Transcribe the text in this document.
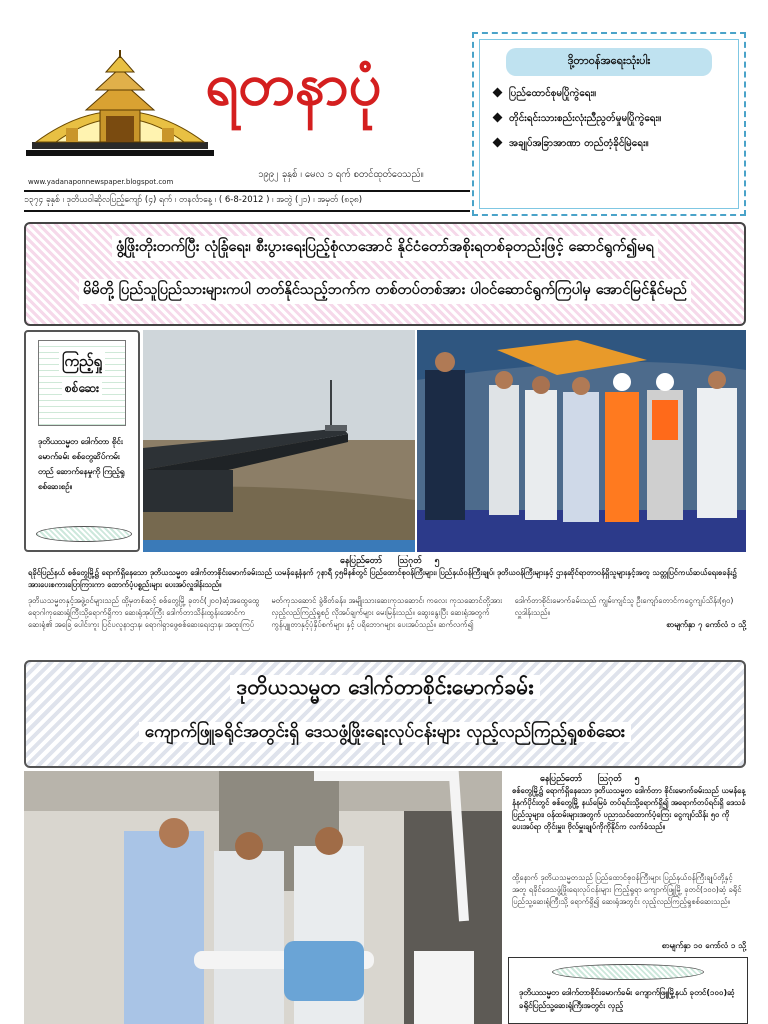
www.yadanaponnewspaper.blogspot.com
ရတနာပုံ
၁၉၉၂ ခုနှစ် ၊ မေလ ၁ ရက် စတင်ထုတ်ဝေသည်။
၁၃၇၄ ခုနှစ် ၊ ဒုတိယဝါဆိုလပြည့်ကျော် (၄) ရက် ၊ တနင်္လာနေ့ ၊ ( 6-8-2012 ) ၊ အတွဲ (၂၁) ၊ အမှတ် (၈၃၈)
ဒို့တာဝန်အရေးသုံးပါး
ပြည်ထောင်စုမပြိုကွဲရေး။
တိုင်းရင်းသားစည်းလုံးညီညွတ်မှုမပြိုကွဲရေး။
အချုပ်အခြာအာဏာ တည်တံ့ခိုင်မြဲရေး။
ဖွံ့ဖြိုးတိုးတက်ပြီး လုံခြုံရေး၊ စီးပွားရေးပြည့်စုံလာအောင် နိုင်ငံတော်အစိုးရတစ်ခုတည်းဖြင့် ဆောင်ရွက်၍မရ
မိမိတို့ ပြည်သူပြည်သားများကပါ တတ်နိုင်သည့်ဘက်က တစ်တပ်တစ်အား ပါဝင်ဆောင်ရွက်ကြပါမှ အောင်မြင်နိုင်မည်
ကြည့်ရှု
စစ်ဆေး
ဒုတိယသမ္မတ ဒေါက်တာ စိုင်းမောက်ခမ်း စစ်တွေဆိပ်ကမ်း တည် ဆောက်နေမှုကို ကြည့်ရှု စစ်ဆေးစဉ်။
နေပြည်တော်     ဩဂုတ်    ၅
ရခိုင်ပြည်နယ် စစ်တွေမြို့၌ ရောက်ရှိနေသော ဒုတိယသမ္မတ ဒေါက်တာစိုင်းမောက်ခမ်းသည် ယမန်နေ့နံနက် ၇နာရီ ၄၅မိနစ်တွင် ပြည်ထောင်စုဝန်ကြီးများ၊ ပြည်နယ်ဝန်ကြီးချုပ်၊ ဒုတိယဝန်ကြီးများနှင့် ဌာနဆိုင်ရာတာဝန်ရှိသူများနှင့်အတူ သတ္တုပြင်ကယ်ဆယ်ရေးစခန်း၌ အားပေးစကားပြောကြားကာ ထောက်ပံ့ပစ္စည်းများ ပေးအပ်လှူဒါန်းသည်။
ဒုတိယသမ္မတနှင့်အဖွဲ့ဝင်များသည် ထို့မှတစ်ဆင့် စစ်တွေမြို့ ခုတင်(၂၀၀)ဆံ့အထွေထွေရောဂါကုဆေးရုံကြီးသို့ရောက်ရှိကာ ဆေးရုံအုပ်ကြီး ဒေါက်တာသိန်းထွန်းအောင်က ဆေးရုံ၏ အခြေ ပေါင်းကူး ပြင်ပလူနာဌာန၊ ရောဂါရှာဖွေစစ်ဆေးရေးဌာန၊ အထူးကြပ် မတ်ကုသဆောင် ခွဲစိတ်ခန်း၊ အမျိုးသားဆေးကုသဆောင်၊ ကလေး ကုသဆောင်တို့အား လှည့်လည်ကြည့်ရှုစဉ် လိုအပ်ချက်များ မေးမြန်းသည်။ ဆွေးနွေးပြီး ဆေးရုံအတွက် ကွန်ပျူတာနှင့်ပုံနှိပ်စက်များ နှင့် ပရိဘောဂများ ပေးအပ်သည်။ ဆက်လက်၍ ဒေါက်တာစိုင်းမောက်ခမ်းသည် ကျွမ်းကျင်သူ ဦးကျော်တောင်ကငွေကျပ်သိန်း(၅၀) လှူဒါန်းသည်။
စာမျက်နှာ ၇ ကော်လံ ၁ သို့
ဒုတိယသမ္မတ ဒေါက်တာစိုင်းမောက်ခမ်း
ကျောက်ဖြူခရိုင်အတွင်းရှိ ဒေသဖွံ့ဖြိုးရေးလုပ်ငန်းများ လှည့်လည်ကြည့်ရှုစစ်ဆေး
နေပြည်တော်     ဩဂုတ်    ၅
စစ်တွေမြို့၌ ရောက်ရှိနေသော ဒုတိယသမ္မတ ဒေါက်တာ စိုင်းမောက်ခမ်းသည် ယမန်နေ့ နံနက်ပိုင်းတွင် စစ်တွေမြို့ နယ်မြေခံ တပ်ရင်းသို့ရောက်ရှိ၍ အရောက်တပ်ရင်းရှိ ဒေသခံပြည်သူများ၊ ဝန်ထမ်းများအတွက် ပညာသင်ထောက်ပံ့ကြေး ငွေကျပ်သိန်း ၅၀ ကို ပေးအပ်ရာ တိုင်းမှူး၊ ဗိုလ်မှူးချုပ်ကိုကိုနိုင်က လက်ခံသည်။
ထို့နောက် ဒုတိယသမ္မတသည် ပြည်ထောင်စုဝန်ကြီးများ ပြည်နယ်ဝန်ကြီးချုပ်တို့နှင့်အတူ ရခိုင်ဒေသဖွံ့ဖြိုးရေးလုပ်ငန်းများ ကြည့်ရှုရာ ကျောက်ဖြူမြို့ ခုတင်(၁၀၀)ဆံ့ ခရိုင်ပြည်သူ့ဆေးရုံကြီးသို့ ရောက်ရှိ၍ ဆေးရုံအတွင်း လှည့်လည်ကြည့်ရှုစစ်ဆေးသည်။
စာမျက်နှာ ၁၀ ကော်လံ ၁ သို့
ဒုတိယသမ္မတ ဒေါက်တာစိုင်းမောက်ခမ်း ကျောက်ဖြူမြို့နယ် ခုတင်(၁၀၀)ဆံ့ ခရိုင်ပြည်သူ့ဆေးရုံကြီးအတွင်း လှည့်
